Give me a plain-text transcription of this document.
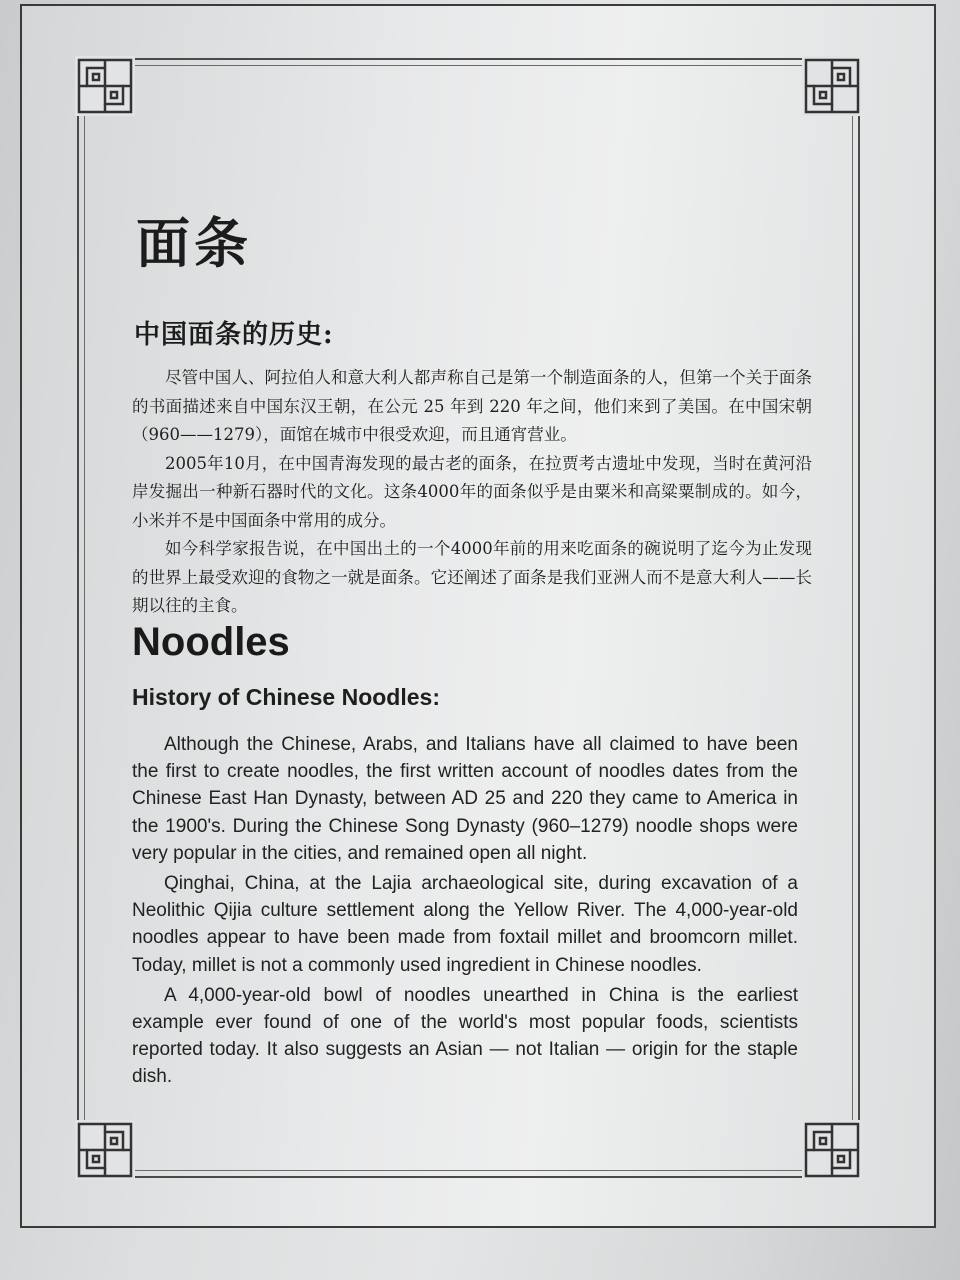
面条
中国面条的历史:

尽管中国人、阿拉伯人和意大利人都声称自己是第一个制造面条的人，但第一个关于面条的书面描述来自中国东汉王朝，在公元 25 年到 220 年之间，他们来到了美国。在中国宋朝（960——1279），面馆在城市中很受欢迎，而且通宵营业。

2005年10月，在中国青海发现的最古老的面条，在拉贾考古遗址中发现，当时在黄河沿岸发掘出一种新石器时代的文化。这条4000年的面条似乎是由粟米和高粱粟制成的。如今，小米并不是中国面条中常用的成分。

如今科学家报告说，在中国出土的一个4000年前的用来吃面条的碗说明了迄今为止发现的世界上最受欢迎的食物之一就是面条。它还阐述了面条是我们亚洲人而不是意大利人——长期以往的主食。

Noodles
History of Chinese Noodles:

Although the Chinese, Arabs, and Italians have all claimed to have been the first to create noodles, the first written account of noodles dates from the Chinese East Han Dynasty, between AD 25 and 220 they came to America in the 1900's. During the Chinese Song Dynasty (960–1279) noodle shops were very popular in the cities, and remained open all night.

Qinghai, China, at the Lajia archaeological site, during excavation of a Neolithic Qijia culture settlement along the Yellow River. The 4,000-year-old noodles appear to have been made from foxtail millet and broomcorn millet. Today, millet is not a commonly used ingredient in Chinese noodles.

A 4,000-year-old bowl of noodles unearthed in China is the earliest example ever found of one of the world's most popular foods, scientists reported today. It also suggests an Asian — not Italian — origin for the staple dish.
